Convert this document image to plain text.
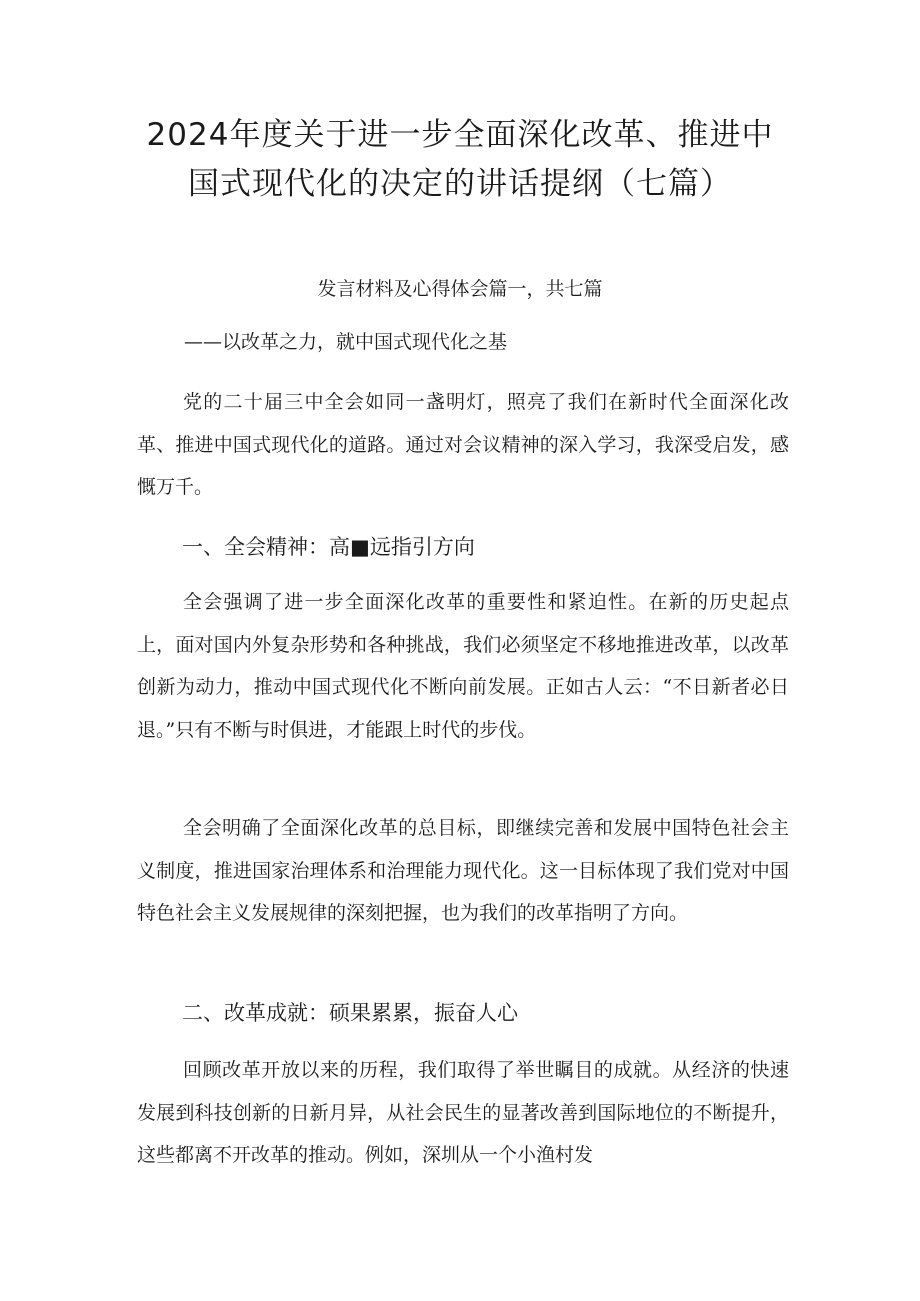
2024年度关于进一步全面深化改革、推进中
国式现代化的决定的讲话提纲（七篇）
发言材料及心得体会篇一，共七篇
——以改革之力，就中国式现代化之基

党的二十届三中全会如同一盏明灯，照亮了我们在新时代全面深化改革、推进中国式现代化的道路。通过对会议精神的深入学习，我深受启发，感慨万千。

一、全会精神：高■远指引方向

全会强调了进一步全面深化改革的重要性和紧迫性。在新的历史起点上，面对国内外复杂形势和各种挑战，我们必须坚定不移地推进改革，以改革创新为动力，推动中国式现代化不断向前发展。正如古人云：“不日新者必日退。”只有不断与时俱进，才能跟上时代的步伐。

全会明确了全面深化改革的总目标，即继续完善和发展中国特色社会主义制度，推进国家治理体系和治理能力现代化。这一目标体现了我们党对中国特色社会主义发展规律的深刻把握，也为我们的改革指明了方向。

二、改革成就：硕果累累，振奋人心

回顾改革开放以来的历程，我们取得了举世瞩目的成就。从经济的快速发展到科技创新的日新月异，从社会民生的显著改善到国际地位的不断提升，这些都离不开改革的推动。例如，深圳从一个小渔村发
